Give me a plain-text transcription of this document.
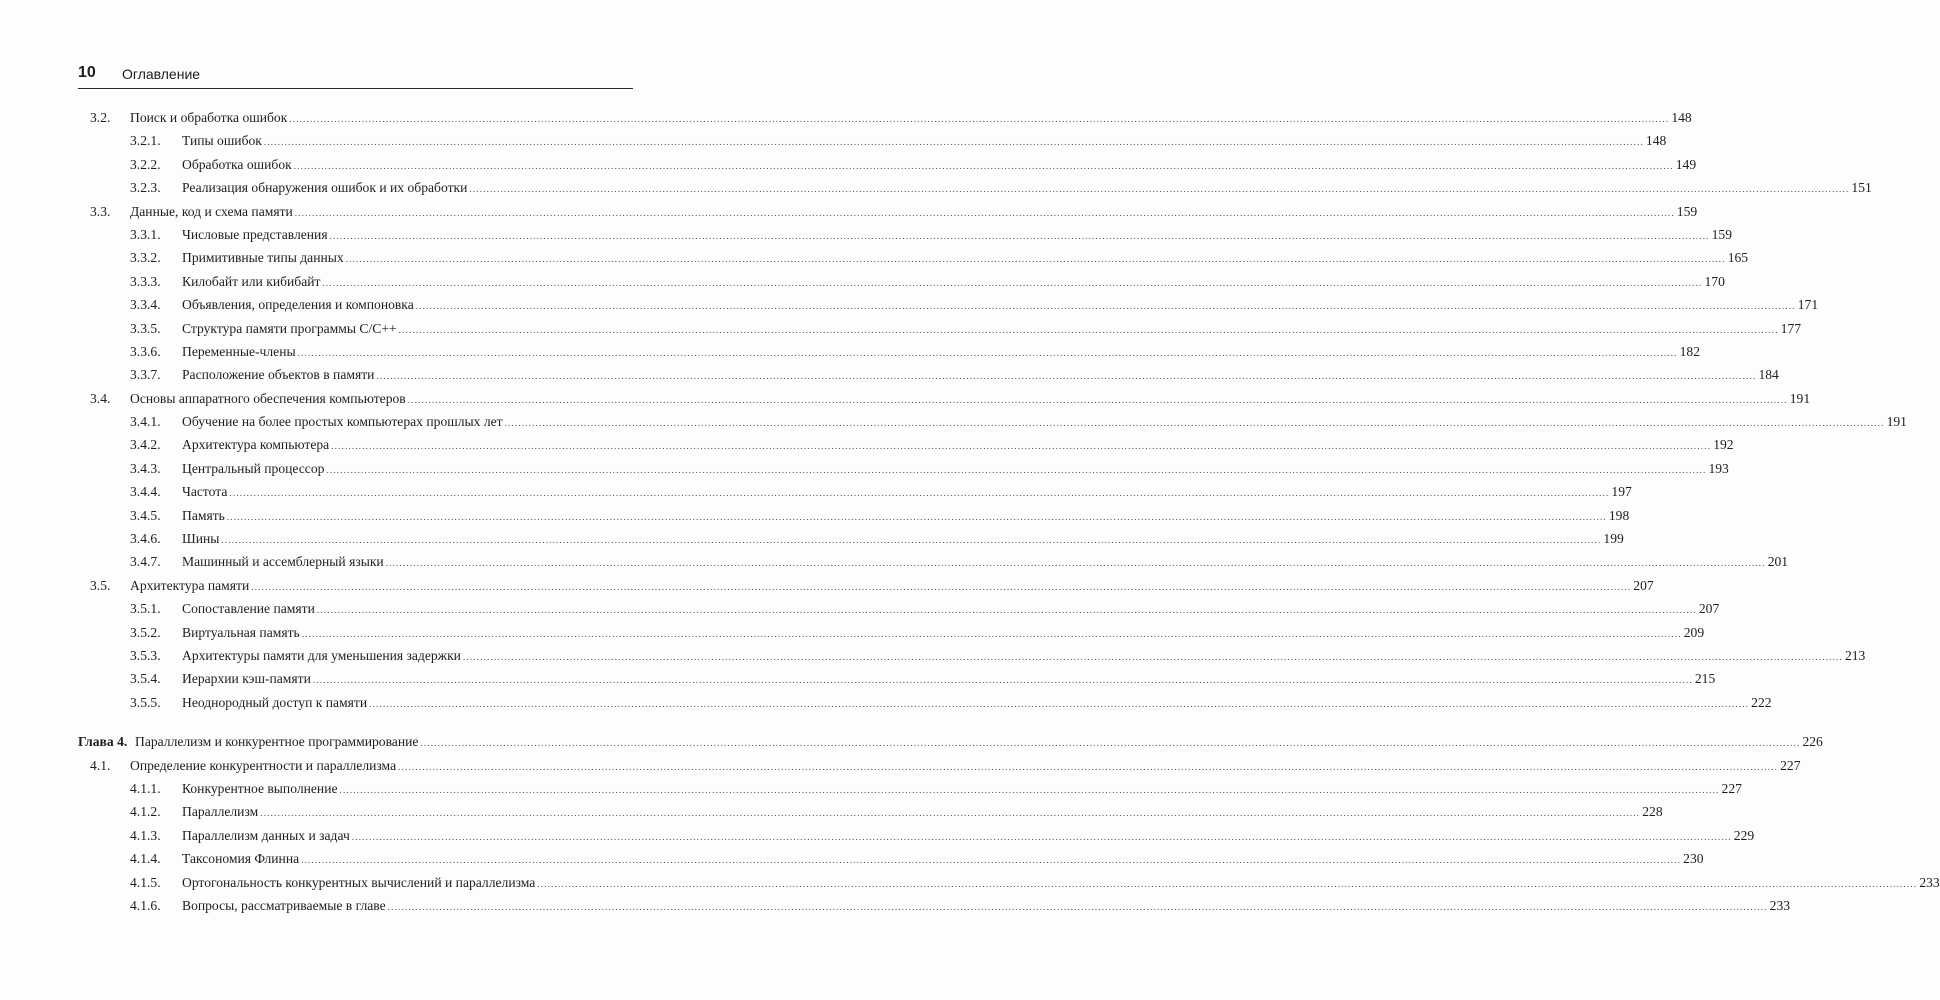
10 Оглавление
3.2. Поиск и обработка ошибок ................................................................................................................................................................................................................................................................................................................................................................................................................ 148
3.2.1. Типы ошибок ................................................................................................................................................................................................................................................................................................................................................................................................................ 148
3.2.2. Обработка ошибок ................................................................................................................................................................................................................................................................................................................................................................................................................ 149
3.2.3. Реализация обнаружения ошибок и их обработки ................................................................................................................................................................................................................................................................................................................................................................................................................ 151
3.3. Данные, код и схема памяти ................................................................................................................................................................................................................................................................................................................................................................................................................ 159
3.3.1. Числовые представления ................................................................................................................................................................................................................................................................................................................................................................................................................ 159
3.3.2. Примитивные типы данных ................................................................................................................................................................................................................................................................................................................................................................................................................ 165
3.3.3. Килобайт или кибибайт ................................................................................................................................................................................................................................................................................................................................................................................................................ 170
3.3.4. Объявления, определения и компоновка ................................................................................................................................................................................................................................................................................................................................................................................................................ 171
3.3.5. Структура памяти программы C/C++ ................................................................................................................................................................................................................................................................................................................................................................................................................ 177
3.3.6. Переменные-члены ................................................................................................................................................................................................................................................................................................................................................................................................................ 182
3.3.7. Расположение объектов в памяти ................................................................................................................................................................................................................................................................................................................................................................................................................ 184
3.4. Основы аппаратного обеспечения компьютеров ................................................................................................................................................................................................................................................................................................................................................................................................................ 191
3.4.1. Обучение на более простых компьютерах прошлых лет ................................................................................................................................................................................................................................................................................................................................................................................................................ 191
3.4.2. Архитектура компьютера ................................................................................................................................................................................................................................................................................................................................................................................................................ 192
3.4.3. Центральный процессор ................................................................................................................................................................................................................................................................................................................................................................................................................ 193
3.4.4. Частота ................................................................................................................................................................................................................................................................................................................................................................................................................ 197
3.4.5. Память ................................................................................................................................................................................................................................................................................................................................................................................................................ 198
3.4.6. Шины ................................................................................................................................................................................................................................................................................................................................................................................................................ 199
3.4.7. Машинный и ассемблерный языки ................................................................................................................................................................................................................................................................................................................................................................................................................ 201
3.5. Архитектура памяти ................................................................................................................................................................................................................................................................................................................................................................................................................ 207
3.5.1. Сопоставление памяти ................................................................................................................................................................................................................................................................................................................................................................................................................ 207
3.5.2. Виртуальная память ................................................................................................................................................................................................................................................................................................................................................................................................................ 209
3.5.3. Архитектуры памяти для уменьшения задержки ................................................................................................................................................................................................................................................................................................................................................................................................................ 213
3.5.4. Иерархии кэш-памяти ................................................................................................................................................................................................................................................................................................................................................................................................................ 215
3.5.5. Неоднородный доступ к памяти ................................................................................................................................................................................................................................................................................................................................................................................................................ 222
Глава 4. Параллелизм и конкурентное программирование ................................................................................................................................................................................................................................................................................................................................................................................................................ 226
4.1. Определение конкурентности и параллелизма ................................................................................................................................................................................................................................................................................................................................................................................................................ 227
4.1.1. Конкурентное выполнение ................................................................................................................................................................................................................................................................................................................................................................................................................ 227
4.1.2. Параллелизм ................................................................................................................................................................................................................................................................................................................................................................................................................ 228
4.1.3. Параллелизм данных и задач ................................................................................................................................................................................................................................................................................................................................................................................................................ 229
4.1.4. Таксономия Флинна ................................................................................................................................................................................................................................................................................................................................................................................................................ 230
4.1.5. Ортогональность конкурентных вычислений и параллелизма ................................................................................................................................................................................................................................................................................................................................................................................................................ 233
4.1.6. Вопросы, рассматриваемые в главе ................................................................................................................................................................................................................................................................................................................................................................................................................ 233
